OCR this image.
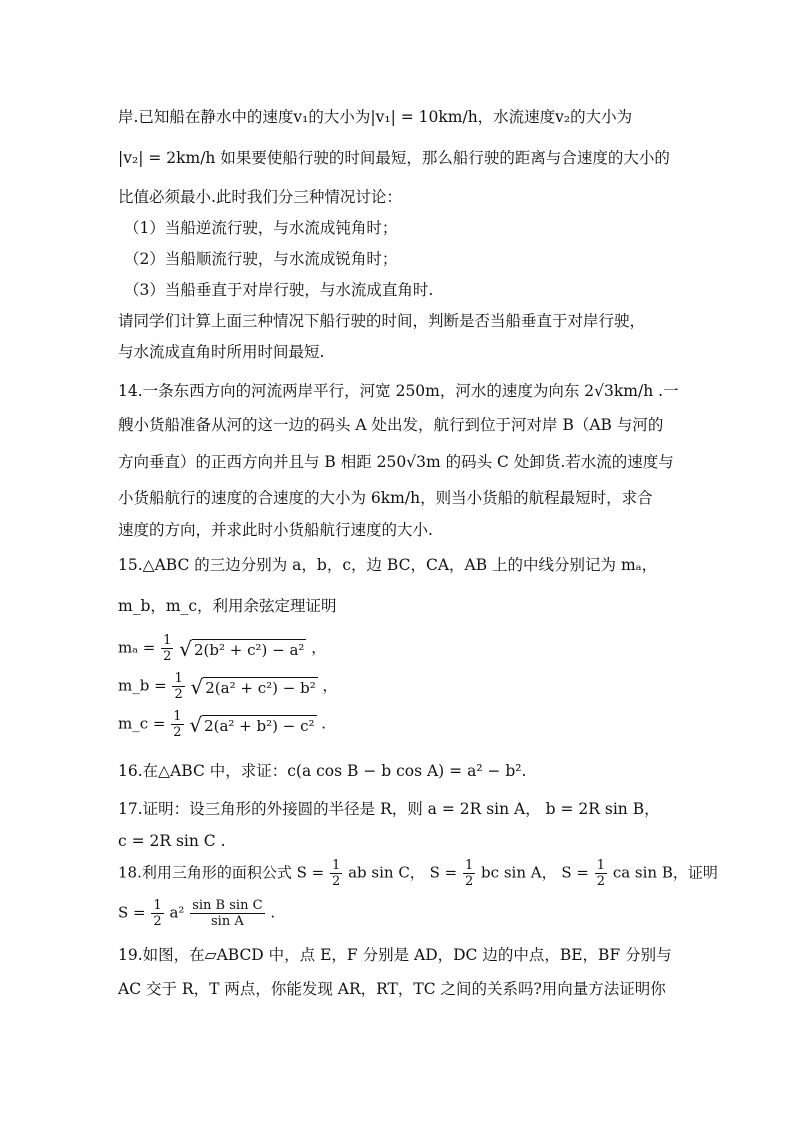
岸.已知船在静水中的速度v₁的大小为|v₁| = 10km/h，水流速度v₂的大小为
|v₂| = 2km/h 如果要使船行驶的时间最短，那么船行驶的距离与合速度的大小的
比值必须最小.此时我们分三种情况讨论：
（1）当船逆流行驶，与水流成钝角时；
（2）当船顺流行驶，与水流成锐角时；
（3）当船垂直于对岸行驶，与水流成直角时.
请同学们计算上面三种情况下船行驶的时间，判断是否当船垂直于对岸行驶，
与水流成直角时所用时间最短.
14.一条东西方向的河流两岸平行，河宽 250m，河水的速度为向东 2√3km/h .一
艘小货船准备从河的这一边的码头 A 处出发，航行到位于河对岸 B（AB 与河的
方向垂直）的正西方向并且与 B 相距 250√3m 的码头 C 处卸货.若水流的速度与
小货船航行的速度的合速度的大小为 6km/h，则当小货船的航程最短时，求合
速度的方向，并求此时小货船航行速度的大小.
15.△ABC 的三边分别为 a，b，c，边 BC，CA，AB 上的中线分别记为 mₐ，
m_b，m_c，利用余弦定理证明
$m_a = \frac{1}{2}$ √ 2(b² + c²) − a² ，
m_b = $\frac{1}{2}$ √ 2(a² + c²) − b² ，
m_c = $\frac{1}{2}$ √ 2(a² + b²) − c² .
16.在△ABC 中，求证：c(a cos B − b cos A) = a² − b².
17.证明：设三角形的外接圆的半径是 R，则 a = 2R sin A， b = 2R sin B，
c = 2R sin C .
18.利用三角形的面积公式 $S = \frac{1}{2}$ ab sin C， $S = \frac{1}{2}$ bc sin A， $S = \frac{1}{2}$ ca sin B，证明
$S = \frac{1}{2} a^2 \frac{\text{sin B sin C}}{\text{sin A}}$ .
19.如图，在▱ABCD 中，点 E，F 分别是 AD，DC 边的中点，BE，BF 分别与
AC 交于 R，T 两点，你能发现 AR，RT，TC 之间的关系吗?用向量方法证明你
